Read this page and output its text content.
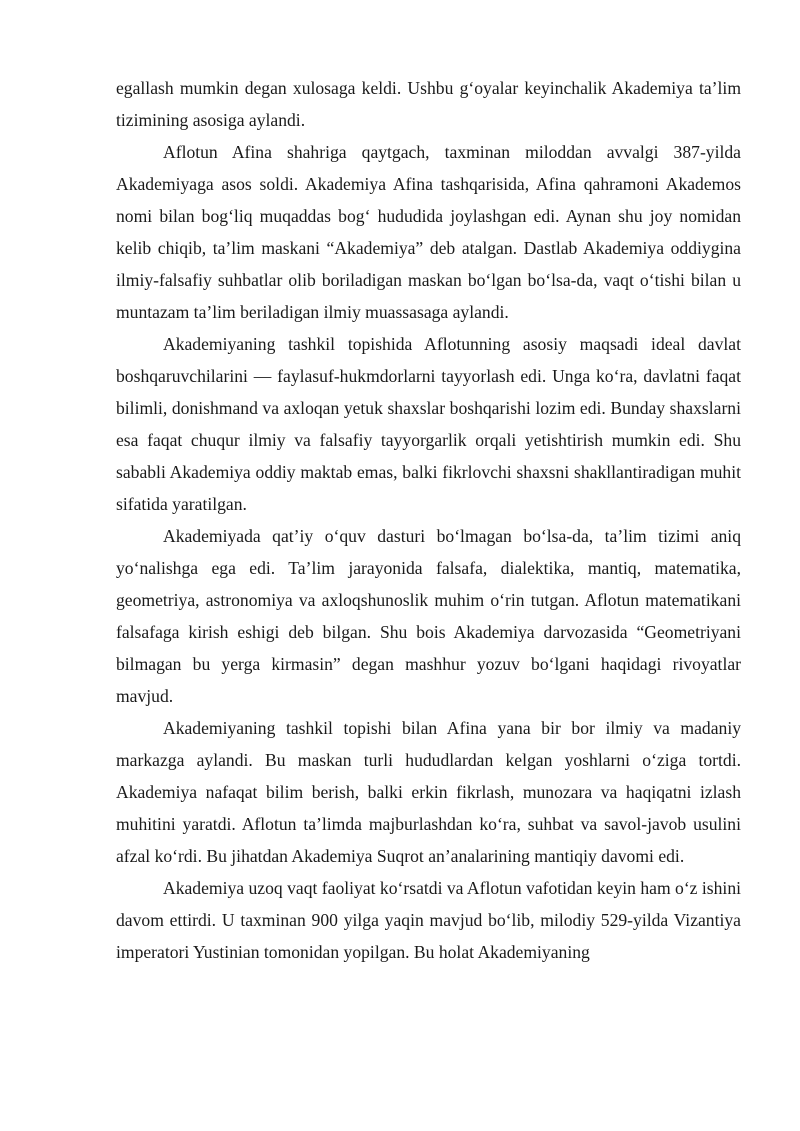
egallash mumkin degan xulosaga keldi. Ushbu g‘oyalar keyinchalik Akademiya ta’lim tizimining asosiga aylandi.

Aflotun Afina shahriga qaytgach, taxminan miloddan avvalgi 387-yilda Akademiyaga asos soldi. Akademiya Afina tashqarisida, Afina qahramoni Akademos nomi bilan bog‘liq muqaddas bog‘ hududida joylashgan edi. Aynan shu joy nomidan kelib chiqib, ta’lim maskani “Akademiya” deb atalgan. Dastlab Akademiya oddiygina ilmiy-falsafiy suhbatlar olib boriladigan maskan bo‘lgan bo‘lsa-da, vaqt o‘tishi bilan u muntazam ta’lim beriladigan ilmiy muassasaga aylandi.

Akademiyaning tashkil topishida Aflotunning asosiy maqsadi ideal davlat boshqaruvchilarini — faylasuf-hukmdorlarni tayyorlash edi. Unga ko‘ra, davlatni faqat bilimli, donishmand va axloqan yetuk shaxslar boshqarishi lozim edi. Bunday shaxslarni esa faqat chuqur ilmiy va falsafiy tayyorgarlik orqali yetishtirish mumkin edi. Shu sababli Akademiya oddiy maktab emas, balki fikrlovchi shaxsni shakllantiradigan muhit sifatida yaratilgan.

Akademiyada qat’iy o‘quv dasturi bo‘lmagan bo‘lsa-da, ta’lim tizimi aniq yo‘nalishga ega edi. Ta’lim jarayonida falsafa, dialektika, mantiq, matematika, geometriya, astronomiya va axloqshunoslik muhim o‘rin tutgan. Aflotun matematikani falsafaga kirish eshigi deb bilgan. Shu bois Akademiya darvozasida “Geometriyani bilmagan bu yerga kirmasin” degan mashhur yozuv bo‘lgani haqidagi rivoyatlar mavjud.

Akademiyaning tashkil topishi bilan Afina yana bir bor ilmiy va madaniy markazga aylandi. Bu maskan turli hududlardan kelgan yoshlarni o‘ziga tortdi. Akademiya nafaqat bilim berish, balki erkin fikrlash, munozara va haqiqatni izlash muhitini yaratdi. Aflotun ta’limda majburlashdan ko‘ra, suhbat va savol-javob usulini afzal ko‘rdi. Bu jihatdan Akademiya Suqrot an’analarining mantiqiy davomi edi.

Akademiya uzoq vaqt faoliyat ko‘rsatdi va Aflotun vafotidan keyin ham o‘z ishini davom ettirdi. U taxminan 900 yilga yaqin mavjud bo‘lib, milodiy 529-yilda Vizantiya imperatori Yustinian tomonidan yopilgan. Bu holat Akademiyaning
